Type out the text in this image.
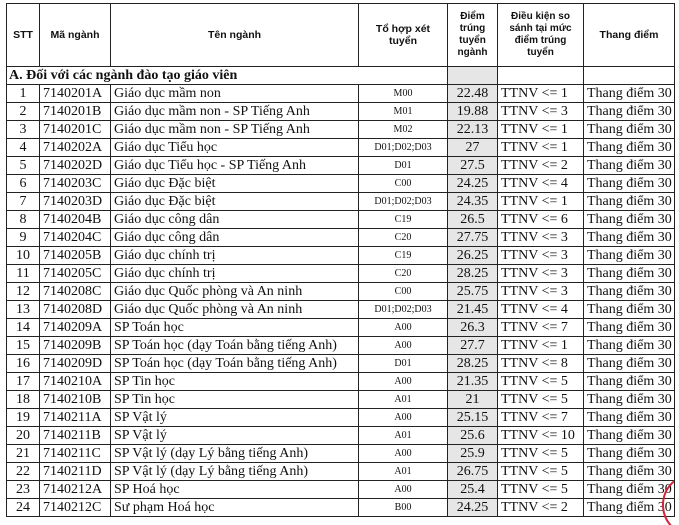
STT	Mã ngành	Tên ngành	Tổ hợp xét tuyển	Điểm trúng tuyển ngành	Điều kiện so sánh tại mức điểm trúng tuyển	Thang điểm
A. Đối với các ngành đào tạo giáo viên						
1	7140201A	Giáo dục mầm non	M00	22.48	TTNV <= 1	Thang điểm 30
2	7140201B	Giáo dục mầm non - SP Tiếng Anh	M01	19.88	TTNV <= 3	Thang điểm 30
3	7140201C	Giáo dục mầm non - SP Tiếng Anh	M02	22.13	TTNV <= 1	Thang điểm 30
4	7140202A	Giáo dục Tiểu học	D01;D02;D03	27	TTNV <= 1	Thang điểm 30
5	7140202D	Giáo dục Tiểu học - SP Tiếng Anh	D01	27.5	TTNV <= 2	Thang điểm 30
6	7140203C	Giáo dục Đặc biệt	C00	24.25	TTNV <= 4	Thang điểm 30
7	7140203D	Giáo dục Đặc biệt	D01;D02;D03	24.35	TTNV <= 1	Thang điểm 30
8	7140204B	Giáo dục công dân	C19	26.5	TTNV <= 6	Thang điểm 30
9	7140204C	Giáo dục công dân	C20	27.75	TTNV <= 3	Thang điểm 30
10	7140205B	Giáo dục chính trị	C19	26.25	TTNV <= 3	Thang điểm 30
11	7140205C	Giáo dục chính trị	C20	28.25	TTNV <= 3	Thang điểm 30
12	7140208C	Giáo dục Quốc phòng và An ninh	C00	25.75	TTNV <= 3	Thang điểm 30
13	7140208D	Giáo dục Quốc phòng và An ninh	D01;D02;D03	21.45	TTNV <= 4	Thang điểm 30
14	7140209A	SP Toán học	A00	26.3	TTNV <= 7	Thang điểm 30
15	7140209B	SP Toán học (dạy Toán bằng tiếng Anh)	A00	27.7	TTNV <= 1	Thang điểm 30
16	7140209D	SP Toán học (dạy Toán bằng tiếng Anh)	D01	28.25	TTNV <= 8	Thang điểm 30
17	7140210A	SP Tin học	A00	21.35	TTNV <= 5	Thang điểm 30
18	7140210B	SP Tin học	A01	21	TTNV <= 5	Thang điểm 30
19	7140211A	SP Vật lý	A00	25.15	TTNV <= 7	Thang điểm 30
20	7140211B	SP Vật lý	A01	25.6	TTNV <= 10	Thang điểm 30
21	7140211C	SP Vật lý (dạy Lý bằng tiếng Anh)	A00	25.9	TTNV <= 5	Thang điểm 30
22	7140211D	SP Vật lý (dạy Lý bằng tiếng Anh)	A01	26.75	TTNV <= 5	Thang điểm 30
23	7140212A	SP Hoá học	A00	25.4	TTNV <= 5	Thang điểm 30
24	7140212C	Sư phạm Hoá học	B00	24.25	TTNV <= 2	Thang điểm 30
